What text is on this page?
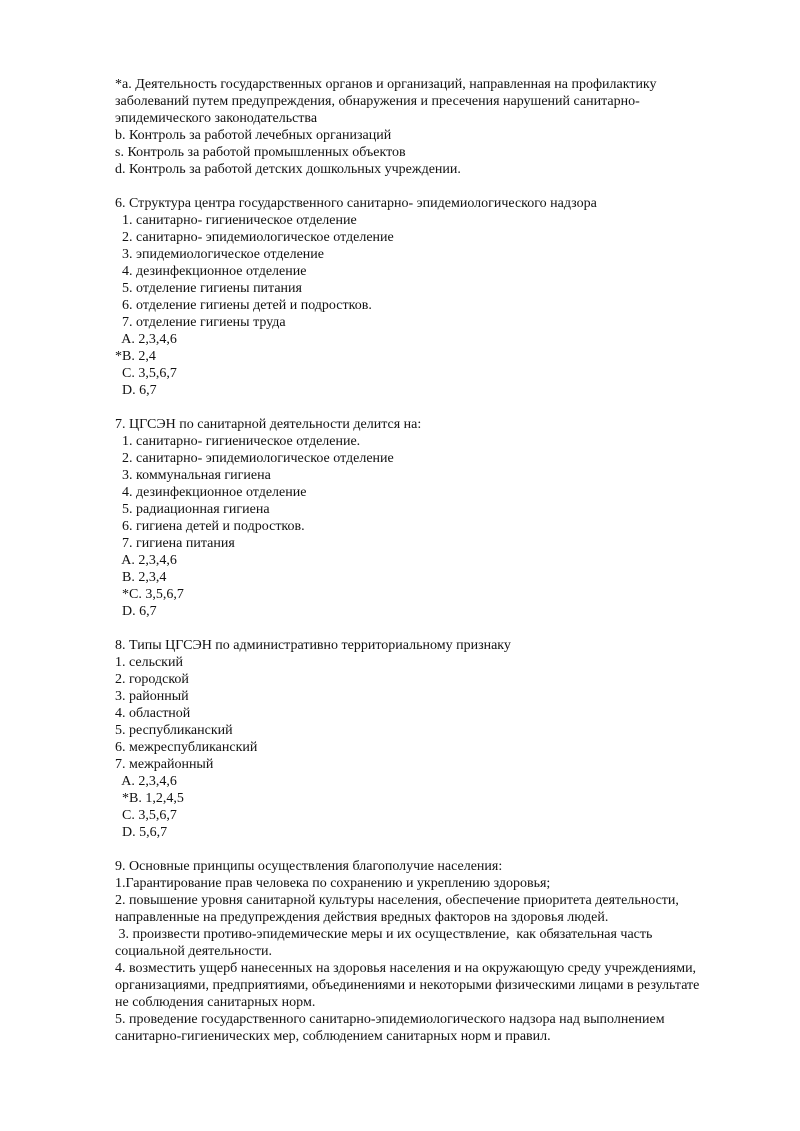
*a. Деятельность государственных органов и организаций, направленная на профилактику
заболеваний путем предупреждения, обнаружения и пресечения нарушений санитарно-
эпидемического законодательства
b. Контроль за работой лечебных организаций
s. Контроль за работой промышленных объектов
d. Контроль за работой детских дошкольных учреждении.
6. Структура центра государственного санитарно- эпидемиологического надзора
1. санитарно- гигиеническое отделение
2. санитарно- эпидемиологическое отделение
3. эпидемиологическое отделение
4. дезинфекционное отделение
5. отделение гигиены питания
6. отделение гигиены детей и подростков.
7. отделение гигиены труда
A. 2,3,4,6
*B. 2,4
C. 3,5,6,7
D. 6,7
7. ЦГСЭН по санитарной деятельности делится на:
1. санитарно- гигиеническое отделение.
2. санитарно- эпидемиологическое отделение
3. коммунальная гигиена
4. дезинфекционное отделение
5. радиационная гигиена
6. гигиена детей и подростков.
7. гигиена питания
A. 2,3,4,6
B. 2,3,4
*C. 3,5,6,7
D. 6,7
8. Типы ЦГСЭН по административно территориальному признаку
1. сельский
2. городской
3. районный
4. областной
5. республиканский
6. межреспубликанский
7. межрайонный
A. 2,3,4,6
*B. 1,2,4,5
C. 3,5,6,7
D. 5,6,7
9. Основные принципы осуществления благополучие населения:
1.Гарантирование прав человека по сохранению и укреплению здоровья;
2. повышение уровня санитарной культуры населения, обеспечение приоритета деятельности,
направленные на предупреждения действия вредных факторов на здоровья людей.
3. произвести противо-эпидемические меры и их осуществление,  как обязательная часть
социальной деятельности.
4. возместить ущерб нанесенных на здоровья населения и на окружающую среду учреждениями,
организациями, предприятиями, объединениями и некоторыми физическими лицами в результате
не соблюдения санитарных норм.
5. проведение государственного санитарно-эпидемиологического надзора над выполнением
санитарно-гигиенических мер, соблюдением санитарных норм и правил.
